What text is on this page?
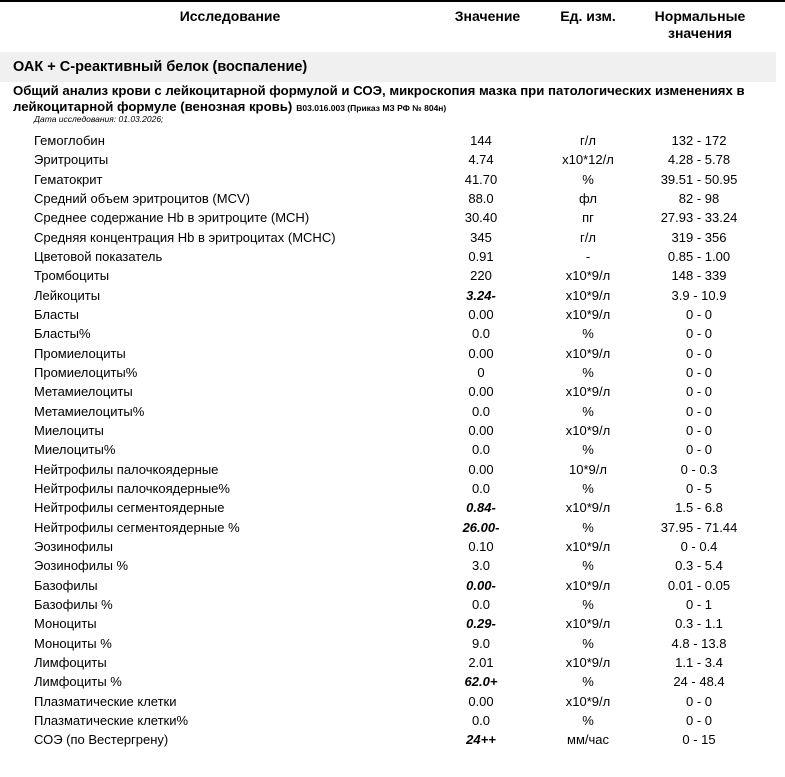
Исследование	Значение	Ед. изм.	Нормальные значения
ОАК + С-реактивный белок (воспаление)
Общий анализ крови с лейкоцитарной формулой и СОЭ, микроскопия мазка при патологических изменениях в лейкоцитарной формуле (венозная кровь) B03.016.003 (Приказ МЗ РФ № 804н)
Дата исследования: 01.03.2026;
Гемоглобин	144	г/л	132 - 172
Эритроциты	4.74	x10*12/л	4.28 - 5.78
Гематокрит	41.70	%	39.51 - 50.95
Средний объем эритроцитов (MCV)	88.0	фл	82 - 98
Среднее содержание Hb в эритроците (MCH)	30.40	пг	27.93 - 33.24
Средняя концентрация Hb в эритроцитах (MCHC)	345	г/л	319 - 356
Цветовой показатель	0.91	-	0.85 - 1.00
Тромбоциты	220	x10*9/л	148 - 339
Лейкоциты	3.24-	x10*9/л	3.9 - 10.9
Бласты	0.00	x10*9/л	0 - 0
Бласты%	0.0	%	0 - 0
Промиелоциты	0.00	x10*9/л	0 - 0
Промиелоциты%	0	%	0 - 0
Метамиелоциты	0.00	x10*9/л	0 - 0
Метамиелоциты%	0.0	%	0 - 0
Миелоциты	0.00	x10*9/л	0 - 0
Миелоциты%	0.0	%	0 - 0
Нейтрофилы палочкоядерные	0.00	10*9/л	0 - 0.3
Нейтрофилы палочкоядерные%	0.0	%	0 - 5
Нейтрофилы сегментоядерные	0.84-	x10*9/л	1.5 - 6.8
Нейтрофилы сегментоядерные %	26.00-	%	37.95 - 71.44
Эозинофилы	0.10	x10*9/л	0 - 0.4
Эозинофилы %	3.0	%	0.3 - 5.4
Базофилы	0.00-	x10*9/л	0.01 - 0.05
Базофилы %	0.0	%	0 - 1
Моноциты	0.29-	x10*9/л	0.3 - 1.1
Моноциты %	9.0	%	4.8 - 13.8
Лимфоциты	2.01	x10*9/л	1.1 - 3.4
Лимфоциты %	62.0+	%	24 - 48.4
Плазматические клетки	0.00	x10*9/л	0 - 0
Плазматические клетки%	0.0	%	0 - 0
СОЭ (по Вестергрену)	24++	мм/час	0 - 15
